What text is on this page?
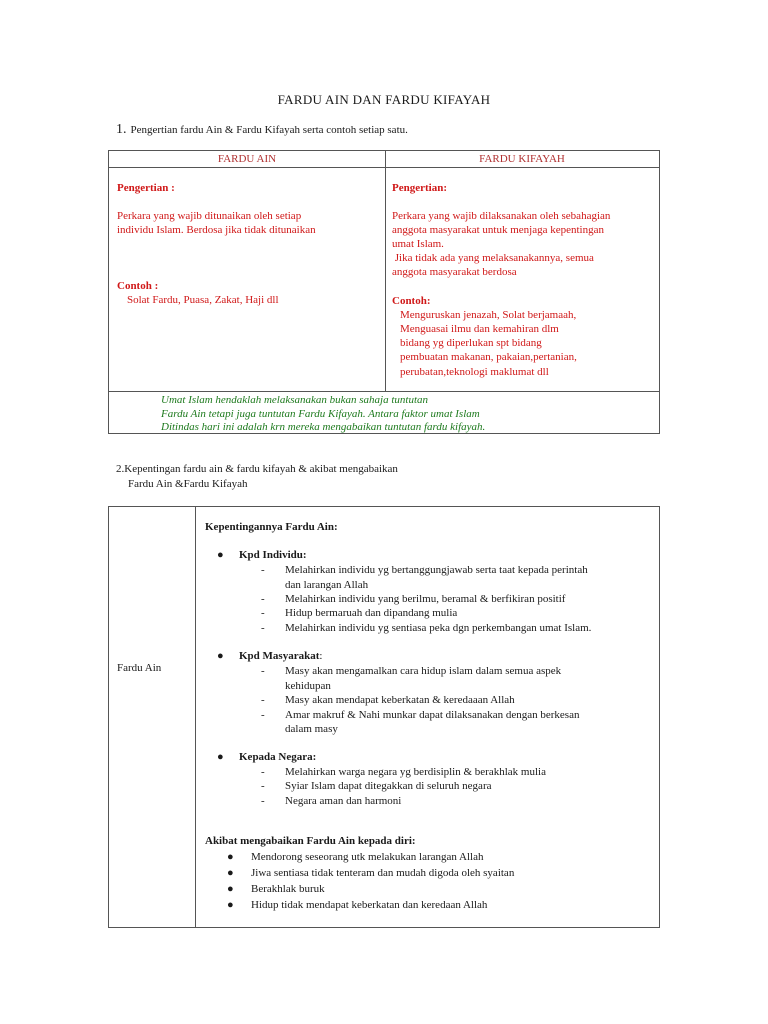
FARDU AIN DAN FARDU KIFAYAH
1. Pengertian fardu Ain & Fardu Kifayah serta contoh setiap satu.
FARDU AIN	FARDU KIFAYAH
Pengertian :
Perkara yang wajib ditunaikan oleh setiap
individu Islam. Berdosa jika tidak ditunaikan
Contoh :
Solat Fardu, Puasa, Zakat, Haji dll
Pengertian:
Perkara yang wajib dilaksanakan oleh sebahagian
anggota masyarakat untuk menjaga kepentingan
umat Islam.
Jika tidak ada yang melaksanakannya, semua
anggota masyarakat berdosa
Contoh:
Menguruskan jenazah, Solat berjamaah,
Menguasai ilmu dan kemahiran dlm
bidang yg diperlukan spt bidang
pembuatan makanan, pakaian,pertanian,
perubatan,teknologi maklumat dll
Umat Islam hendaklah melaksanakan bukan sahaja tuntutan
Fardu Ain tetapi juga tuntutan Fardu Kifayah. Antara faktor umat Islam
Ditindas hari ini adalah krn mereka mengabaikan tuntutan fardu kifayah.
2.Kepentingan fardu ain & fardu kifayah & akibat mengabaikan
Fardu Ain &Fardu Kifayah
Fardu Ain
Kepentingannya Fardu Ain:
● Kpd Individu:
- Melahirkan individu yg bertanggungjawab serta taat kepada perintah
dan larangan Allah
- Melahirkan individu yang berilmu, beramal & berfikiran positif
- Hidup bermaruah dan dipandang mulia
- Melahirkan individu yg sentiasa peka dgn perkembangan umat Islam.
● Kpd Masyarakat:
- Masy akan mengamalkan cara hidup islam dalam semua aspek
kehidupan
- Masy akan mendapat keberkatan & keredaaan Allah
- Amar makruf & Nahi munkar dapat dilaksanakan dengan berkesan
dalam masy
● Kepada Negara:
- Melahirkan warga negara yg berdisiplin & berakhlak mulia
- Syiar Islam dapat ditegakkan di seluruh negara
- Negara aman dan harmoni
Akibat mengabaikan Fardu Ain kepada diri:
● Mendorong seseorang utk melakukan larangan Allah
● Jiwa sentiasa tidak tenteram dan mudah digoda oleh syaitan
● Berakhlak buruk
● Hidup tidak mendapat keberkatan dan keredaan Allah
